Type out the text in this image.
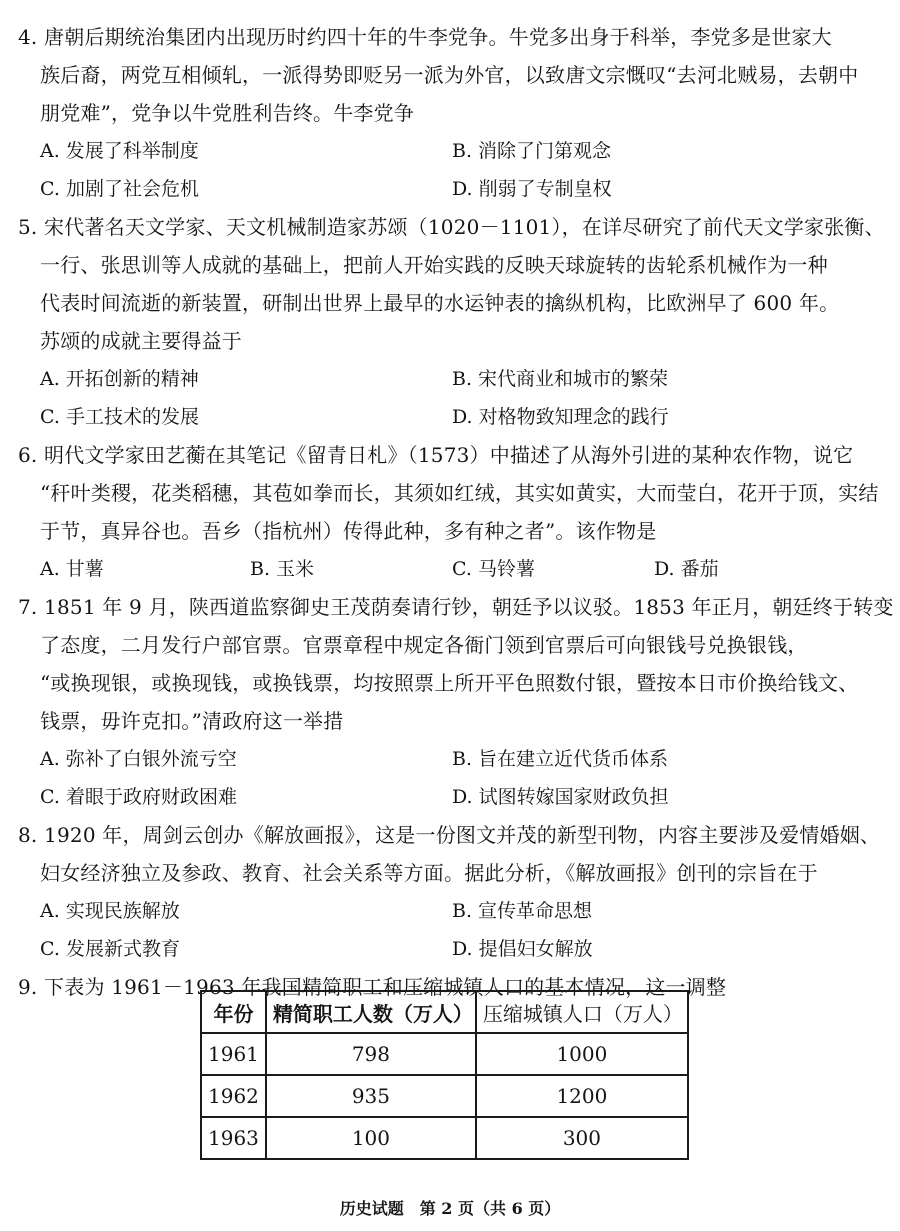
4. 唐朝后期统治集团内出现历时约四十年的牛李党争。牛党多出身于科举，李党多是世家大
族后裔，两党互相倾轧，一派得势即贬另一派为外官，以致唐文宗慨叹“去河北贼易，去朝中
朋党难”，党争以牛党胜利告终。牛李党争
A. 发展了科举制度	B. 消除了门第观念
C. 加剧了社会危机	D. 削弱了专制皇权
5. 宋代著名天文学家、天文机械制造家苏颂（1020－1101），在详尽研究了前代天文学家张衡、
一行、张思训等人成就的基础上，把前人开始实践的反映天球旋转的齿轮系机械作为一种
代表时间流逝的新装置，研制出世界上最早的水运钟表的擒纵机构，比欧洲早了 600 年。
苏颂的成就主要得益于
A. 开拓创新的精神	B. 宋代商业和城市的繁荣
C. 手工技术的发展	D. 对格物致知理念的践行
6. 明代文学家田艺蘅在其笔记《留青日札》（1573）中描述了从海外引进的某种农作物，说它
“秆叶类稷，花类稻穗，其苞如拳而长，其须如红绒，其实如黄实，大而莹白，花开于顶，实结
于节，真异谷也。吾乡（指杭州）传得此种，多有种之者”。该作物是
A. 甘薯	B. 玉米	C. 马铃薯	D. 番茄
7. 1851 年 9 月，陕西道监察御史王茂荫奏请行钞，朝廷予以议驳。1853 年正月，朝廷终于转变
了态度，二月发行户部官票。官票章程中规定各衙门领到官票后可向银钱号兑换银钱，
“或换现银，或换现钱，或换钱票，均按照票上所开平色照数付银，暨按本日市价换给钱文、
钱票，毋许克扣。”清政府这一举措
A. 弥补了白银外流亏空	B. 旨在建立近代货币体系
C. 着眼于政府财政困难	D. 试图转嫁国家财政负担
8. 1920 年，周剑云创办《解放画报》，这是一份图文并茂的新型刊物，内容主要涉及爱情婚姻、
妇女经济独立及参政、教育、社会关系等方面。据此分析，《解放画报》创刊的宗旨在于
A. 实现民族解放	B. 宣传革命思想
C. 发展新式教育	D. 提倡妇女解放
9. 下表为 1961－1963 年我国精简职工和压缩城镇人口的基本情况，这一调整
年份	精简职工人数（万人）	压缩城镇人口（万人）
1961	798	1000
1962	935	1200
1963	100	300
历史试题　第 2 页（共 6 页）
